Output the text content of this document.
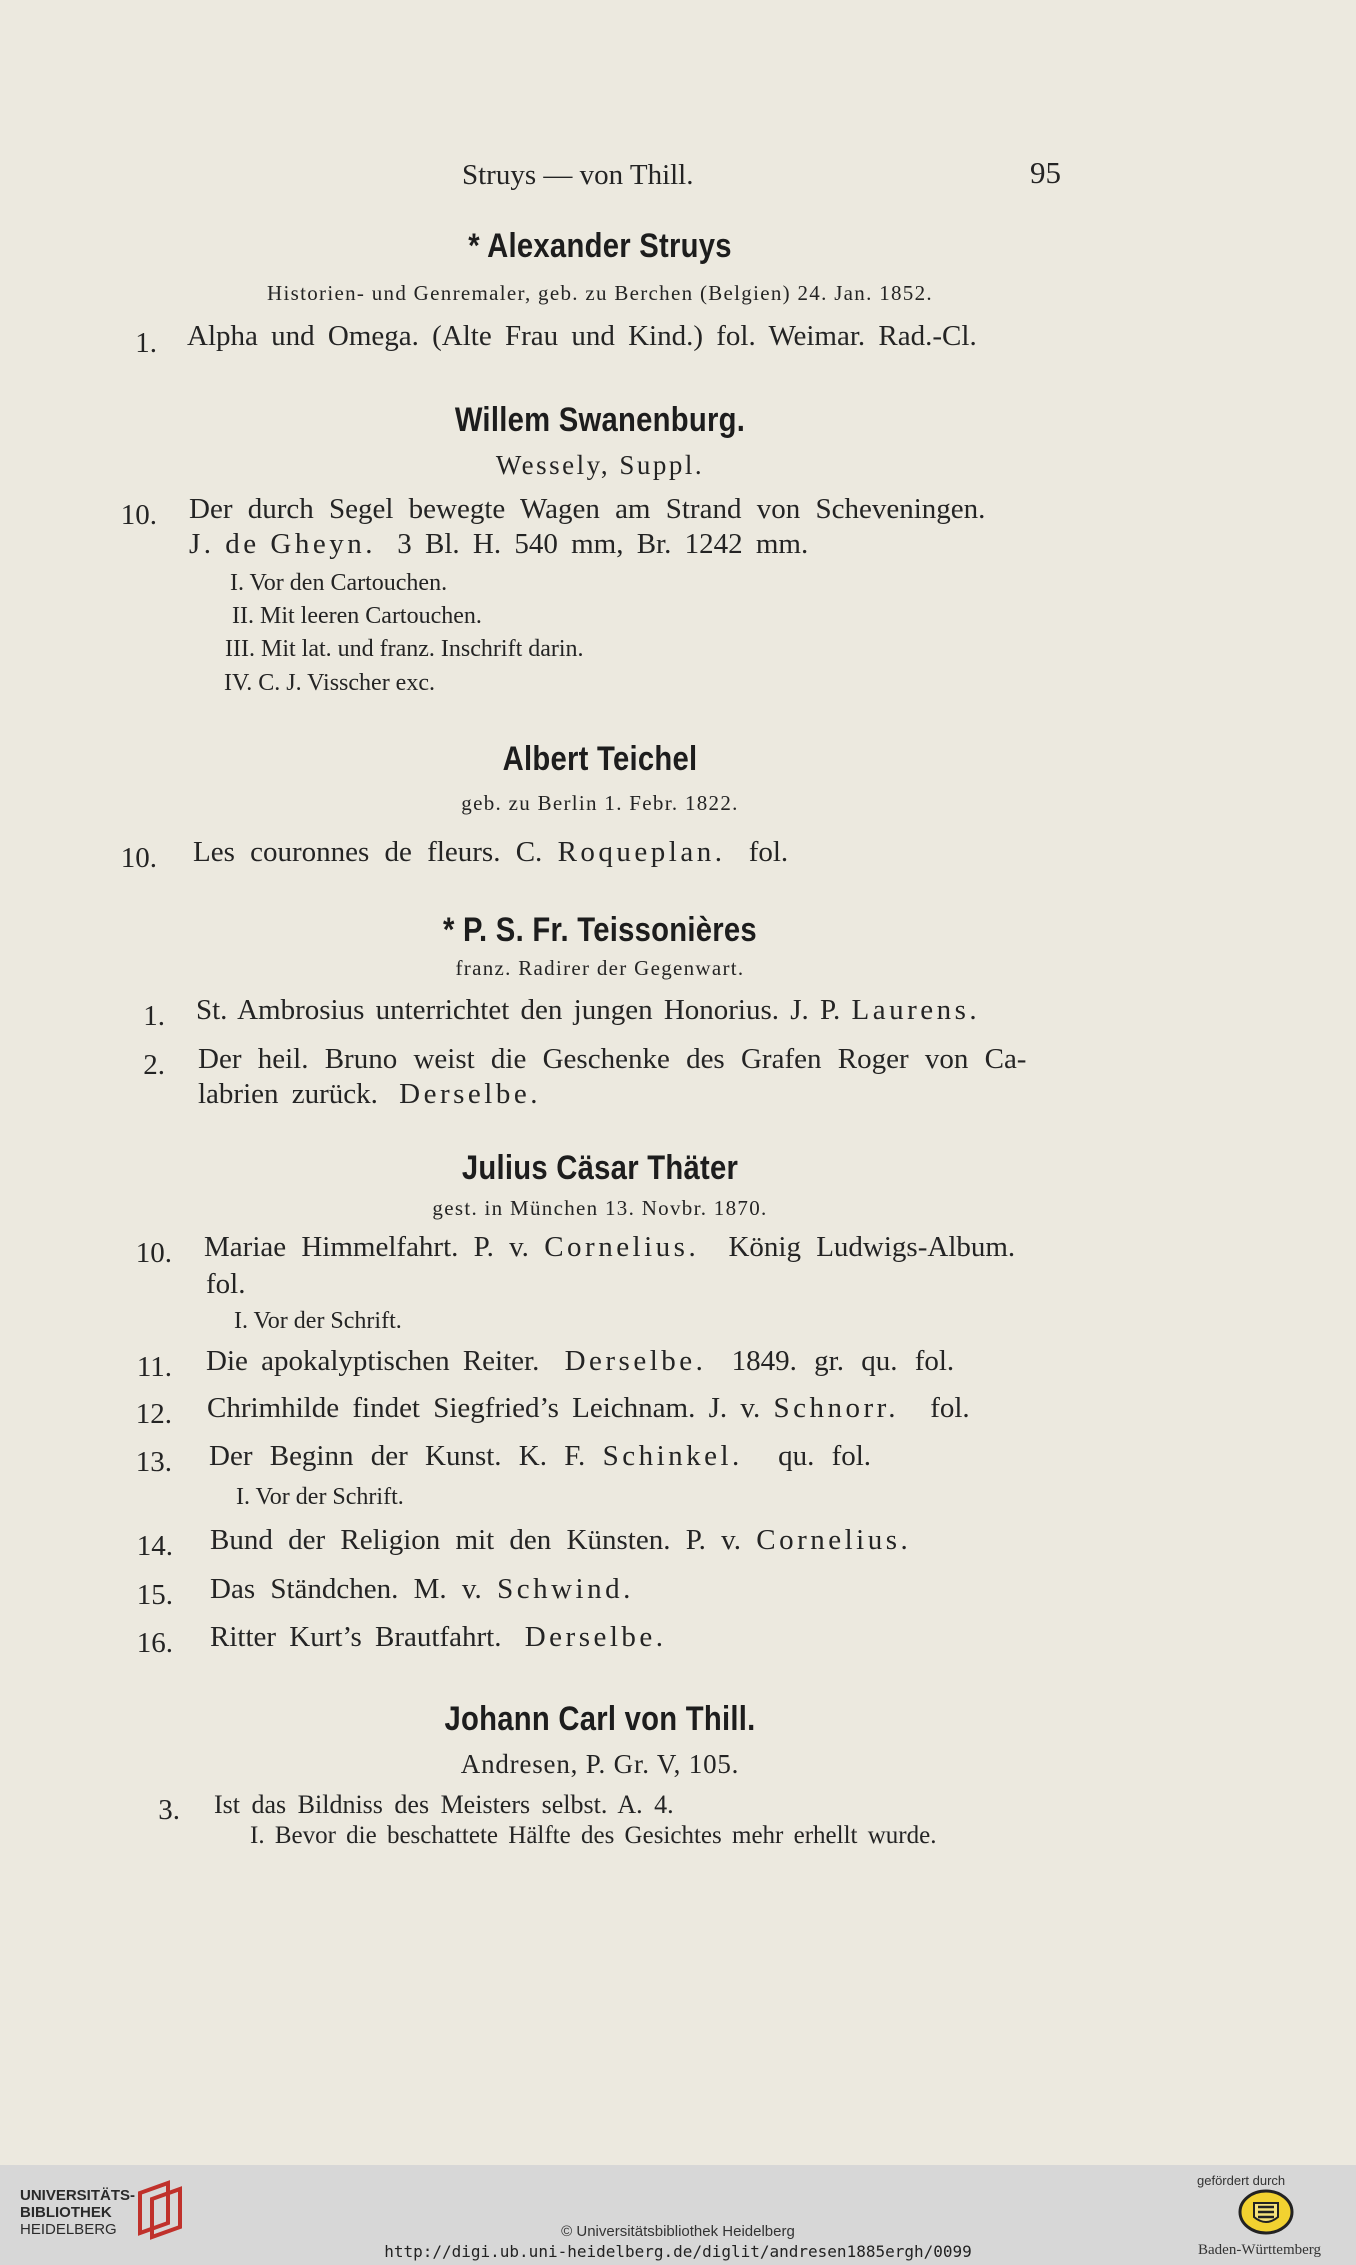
Struys — von Thill.	95
* Alexander Struys
Historien- und Genremaler, geb. zu Berchen (Belgien) 24. Jan. 1852.
1. Alpha und Omega. (Alte Frau und Kind.) fol. Weimar. Rad.-Cl.
Willem Swanenburg.
Wessely, Suppl.
10. Der durch Segel bewegte Wagen am Strand von Scheveningen.
J. de Gheyn. 3 Bl. H. 540 mm, Br. 1242 mm.
I. Vor den Cartouchen.
II. Mit leeren Cartouchen.
III. Mit lat. und franz. Inschrift darin.
IV. C. J. Visscher exc.
Albert Teichel
geb. zu Berlin 1. Febr. 1822.
10. Les couronnes de fleurs. C. Roqueplan. fol.
* P. S. Fr. Teissonières
franz. Radirer der Gegenwart.
1. St. Ambrosius unterrichtet den jungen Honorius. J. P. Laurens.
2. Der heil. Bruno weist die Geschenke des Grafen Roger von Ca-
labrien zurück. Derselbe.
Julius Cäsar Thäter
gest. in München 13. Novbr. 1870.
10. Mariae Himmelfahrt. P. v. Cornelius. König Ludwigs-Album.
fol.
I. Vor der Schrift.
11. Die apokalyptischen Reiter. Derselbe. 1849. gr. qu. fol.
12. Chrimhilde findet Siegfried’s Leichnam. J. v. Schnorr. fol.
13. Der Beginn der Kunst. K. F. Schinkel. qu. fol.
I. Vor der Schrift.
14. Bund der Religion mit den Künsten. P. v. Cornelius.
15. Das Ständchen. M. v. Schwind.
16. Ritter Kurt’s Brautfahrt. Derselbe.
Johann Carl von Thill.
Andresen, P. Gr. V, 105.
3. Ist das Bildniss des Meisters selbst. A. 4.
I. Bevor die beschattete Hälfte des Gesichtes mehr erhellt wurde.
UNIVERSITÄTS-
BIBLIOTHEK
HEIDELBERG	© Universitätsbibliothek Heidelberg
http://digi.ub.uni-heidelberg.de/diglit/andresen1885ergh/0099
gefördert durch
Baden-Württemberg
